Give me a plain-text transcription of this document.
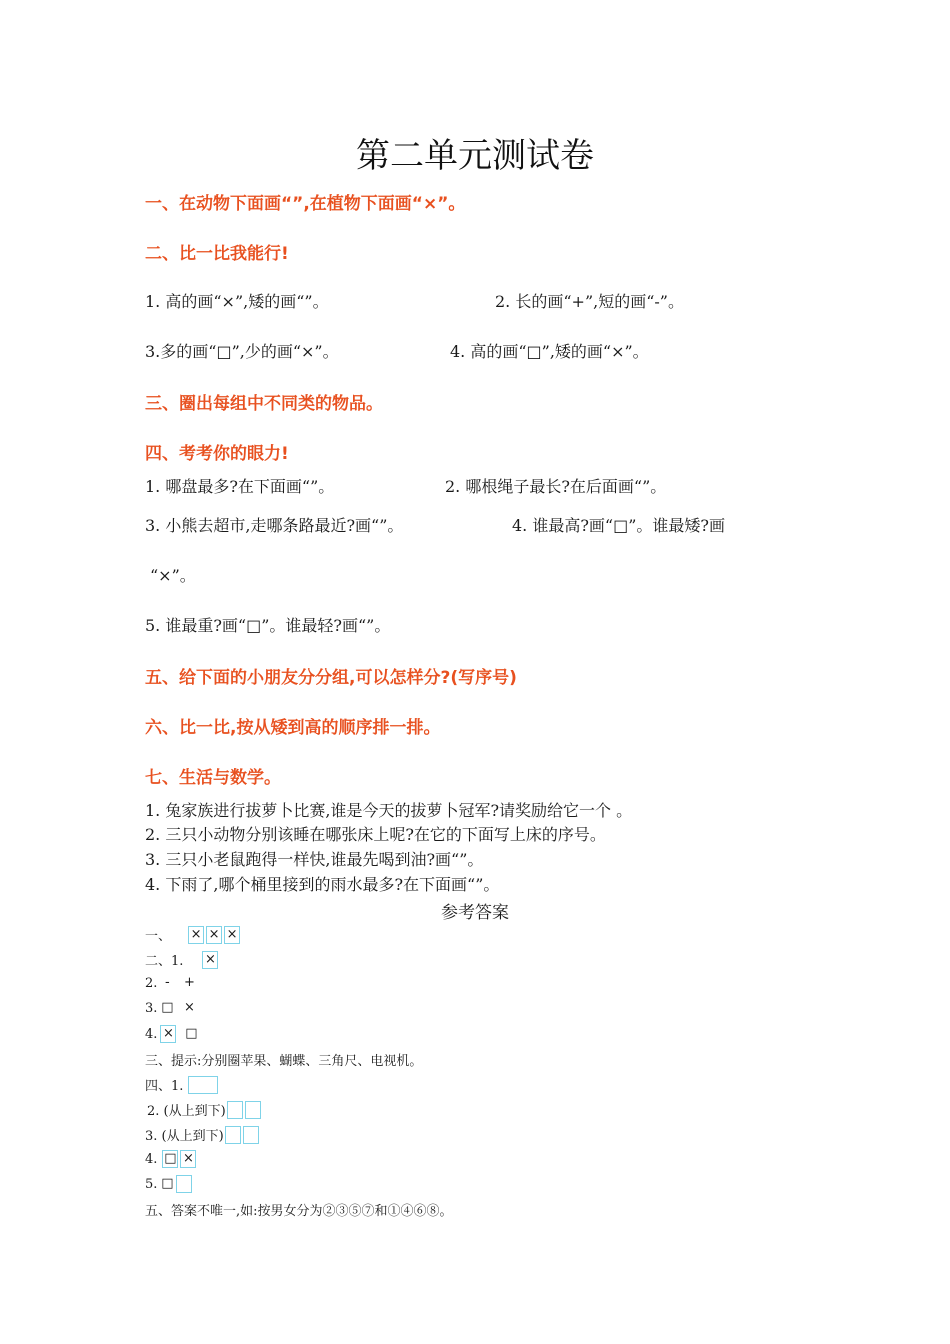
第二单元测试卷
一、在动物下面画“”,在植物下面画“×”。
二、比一比我能行!
1. 高的画“×”,矮的画“”。	2. 长的画“+”,短的画“-”。
3.多的画“□”,少的画“×”。	4. 高的画“□”,矮的画“×”。
三、圈出每组中不同类的物品。
四、考考你的眼力!
1. 哪盘最多?在下面画“”。	2. 哪根绳子最长?在后面画“”。
3. 小熊去超市,走哪条路最近?画“”。	4. 谁最高?画“□”。谁最矮?画
“×”。
5. 谁最重?画“□”。谁最轻?画“”。
五、给下面的小朋友分分组,可以怎样分?(写序号)
六、比一比,按从矮到高的顺序排一排。
七、生活与数学。
1. 兔家族进行拔萝卜比赛,谁是今天的拔萝卜冠军?请奖励给它一个 。
2. 三只小动物分别该睡在哪张床上呢?在它的下面写上床的序号。
3. 三只小老鼠跑得一样快,谁最先喝到油?画“”。
4. 下雨了,哪个桶里接到的雨水最多?在下面画“”。
参考答案
一、 × × ×
二、1. ×
2. -	+
3. □ ×
4. × □
三、提示:分别圈苹果、蝴蝶、三角尺、电视机。
四、1.
2. (从上到下)
3. (从上到下)
4. □ ×
5. □
五、答案不唯一,如:按男女分为②③⑤⑦和①④⑥⑧。
